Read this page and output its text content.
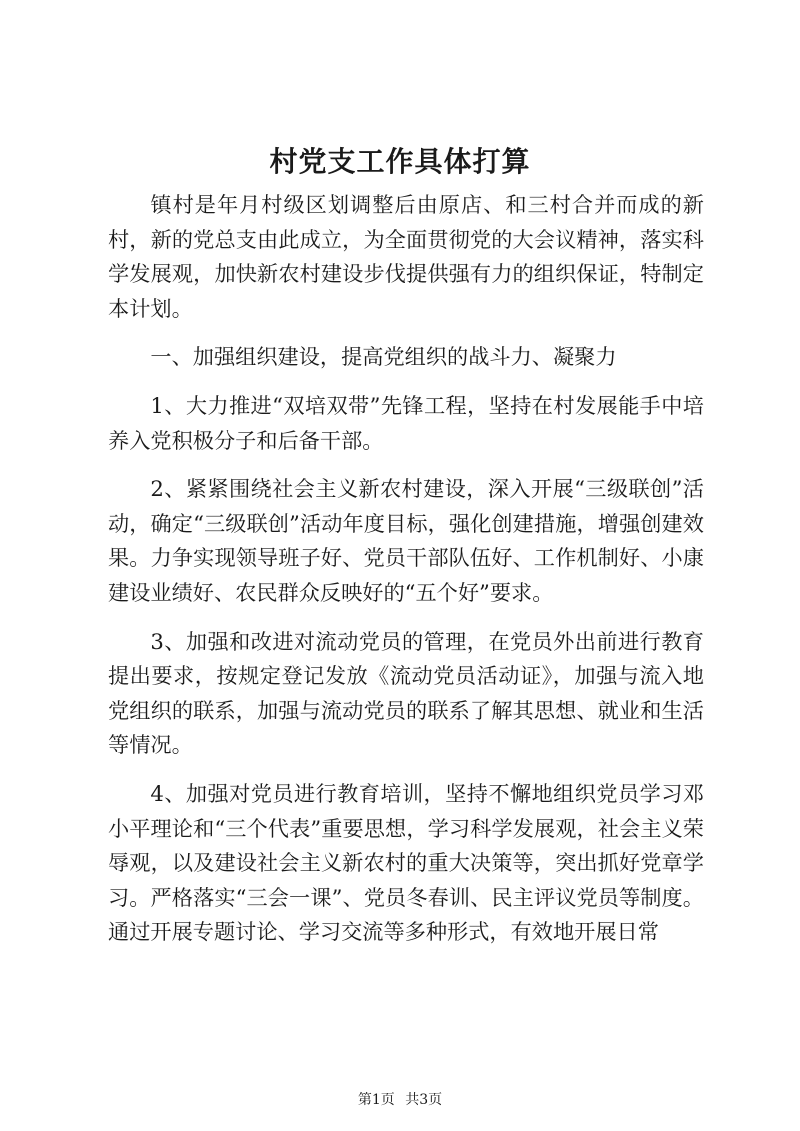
村党支工作具体打算

镇村是年月村级区划调整后由原店、和三村合并而成的新村，新的党总支由此成立，为全面贯彻党的大会议精神，落实科学发展观，加快新农村建设步伐提供强有力的组织保证，特制定本计划。

一、加强组织建设，提高党组织的战斗力、凝聚力

1、大力推进“双培双带”先锋工程，坚持在村发展能手中培养入党积极分子和后备干部。

2、紧紧围绕社会主义新农村建设，深入开展“三级联创”活动，确定“三级联创”活动年度目标，强化创建措施，增强创建效果。力争实现领导班子好、党员干部队伍好、工作机制好、小康建设业绩好、农民群众反映好的“五个好”要求。

3、加强和改进对流动党员的管理，在党员外出前进行教育提出要求，按规定登记发放《流动党员活动证》，加强与流入地党组织的联系，加强与流动党员的联系了解其思想、就业和生活等情况。

4、加强对党员进行教育培训，坚持不懈地组织党员学习邓小平理论和“三个代表”重要思想，学习科学发展观，社会主义荣辱观，以及建设社会主义新农村的重大决策等，突出抓好党章学习。严格落实“三会一课”、党员冬春训、民主评议党员等制度。通过开展专题讨论、学习交流等多种形式，有效地开展日常

第1页 共3页
